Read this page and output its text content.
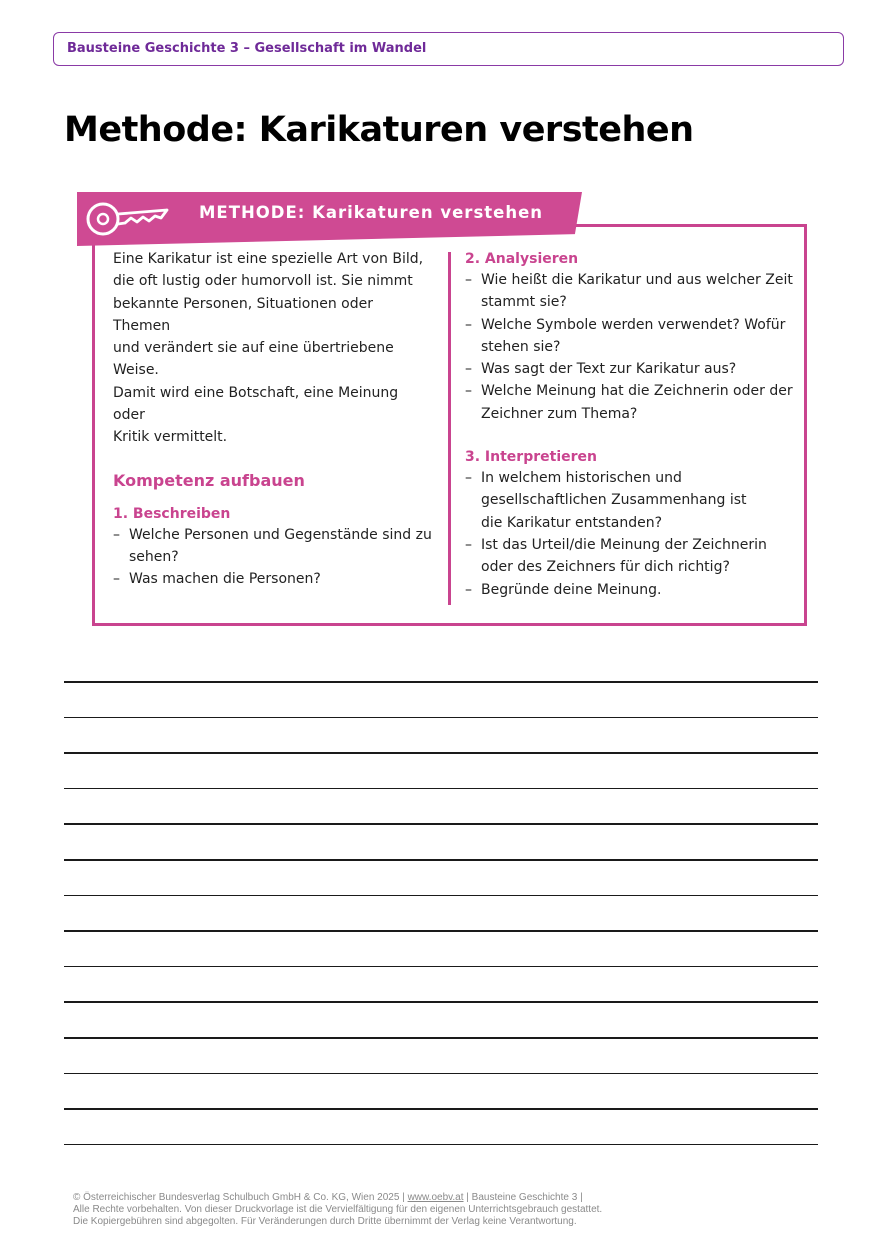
Bausteine Geschichte 3 – Gesellschaft im Wandel
Methode: Karikaturen verstehen
METHODE: Karikaturen verstehen
Eine Karikatur ist eine spezielle Art von Bild,
die oft lustig oder humorvoll ist. Sie nimmt
bekannte Personen, Situationen oder Themen
und verändert sie auf eine übertriebene Weise.
Damit wird eine Botschaft, eine Meinung oder
Kritik vermittelt.
Kompetenz aufbauen
1. Beschreiben
– Welche Personen und Gegenstände sind zu
sehen?
– Was machen die Personen?
2. Analysieren
– Wie heißt die Karikatur und aus welcher Zeit
stammt sie?
– Welche Symbole werden verwendet? Wofür
stehen sie?
– Was sagt der Text zur Karikatur aus?
– Welche Meinung hat die Zeichnerin oder der
Zeichner zum Thema?
3. Interpretieren
– In welchem historischen und
gesellschaftlichen Zusammenhang ist
die Karikatur entstanden?
– Ist das Urteil/die Meinung der Zeichnerin
oder des Zeichners für dich richtig?
– Begründe deine Meinung.
© Österreichischer Bundesverlag Schulbuch GmbH & Co. KG, Wien 2025 | www.oebv.at | Bausteine Geschichte 3 |
Alle Rechte vorbehalten. Von dieser Druckvorlage ist die Vervielfältigung für den eigenen Unterrichtsgebrauch gestattet.
Die Kopiergebühren sind abgegolten. Für Veränderungen durch Dritte übernimmt der Verlag keine Verantwortung.
